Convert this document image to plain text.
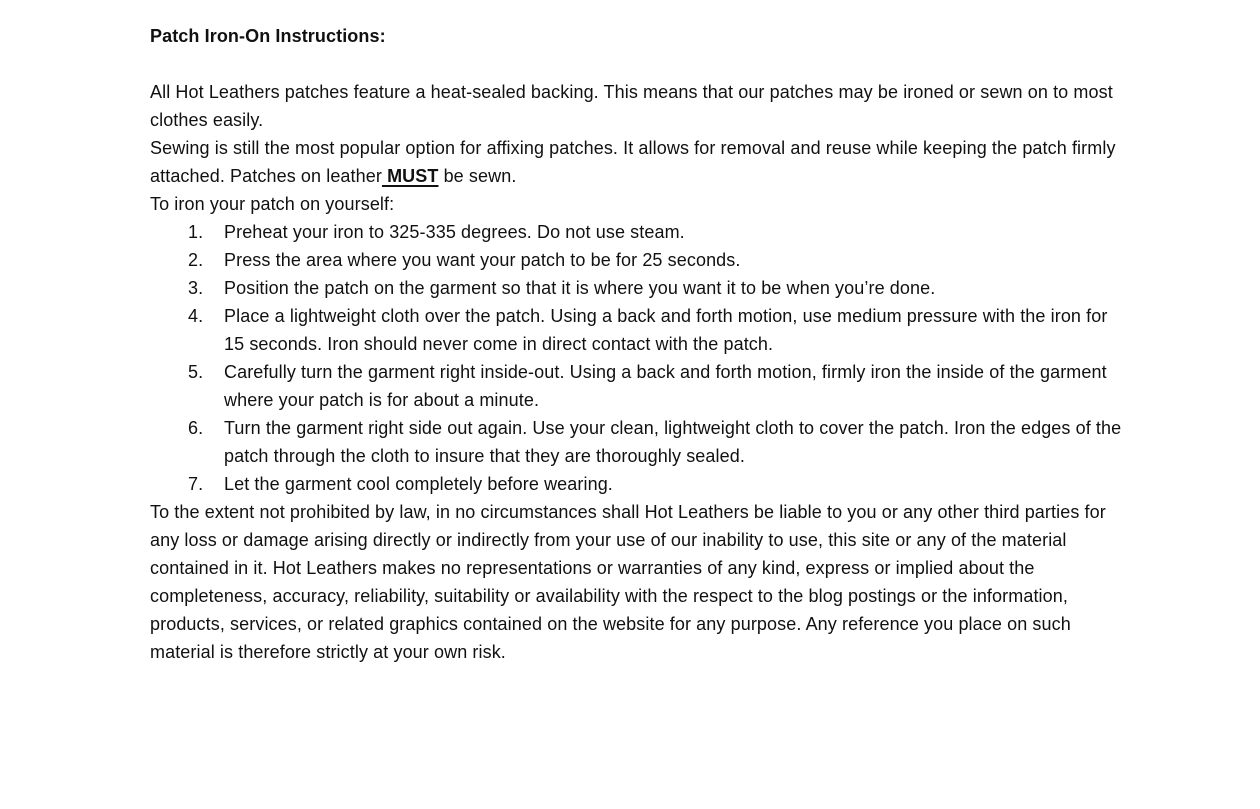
Patch Iron-On Instructions:

All Hot Leathers patches feature a heat-sealed backing. This means that our patches may be ironed or sewn on to most clothes easily.

Sewing is still the most popular option for affixing patches. It allows for removal and reuse while keeping the patch firmly attached. Patches on leather MUST be sewn.

To iron your patch on yourself:

1.	Preheat your iron to 325-335 degrees. Do not use steam.
2.	Press the area where you want your patch to be for 25 seconds.
3.	Position the patch on the garment so that it is where you want it to be when you’re done.
4.	Place a lightweight cloth over the patch. Using a back and forth motion, use medium pressure with the iron for 15 seconds. Iron should never come in direct contact with the patch.
5.	Carefully turn the garment right inside-out. Using a back and forth motion, firmly iron the inside of the garment where your patch is for about a minute.
6.	Turn the garment right side out again. Use your clean, lightweight cloth to cover the patch. Iron the edges of the patch through the cloth to insure that they are thoroughly sealed.
7.	Let the garment cool completely before wearing.

To the extent not prohibited by law, in no circumstances shall Hot Leathers be liable to you or any other third parties for any loss or damage arising directly or indirectly from your use of our inability to use, this site or any of the material contained in it. Hot Leathers makes no representations or warranties of any kind, express or implied about the completeness, accuracy, reliability, suitability or availability with the respect to the blog postings or the information, products, services, or related graphics contained on the website for any purpose. Any reference you place on such material is therefore strictly at your own risk.
